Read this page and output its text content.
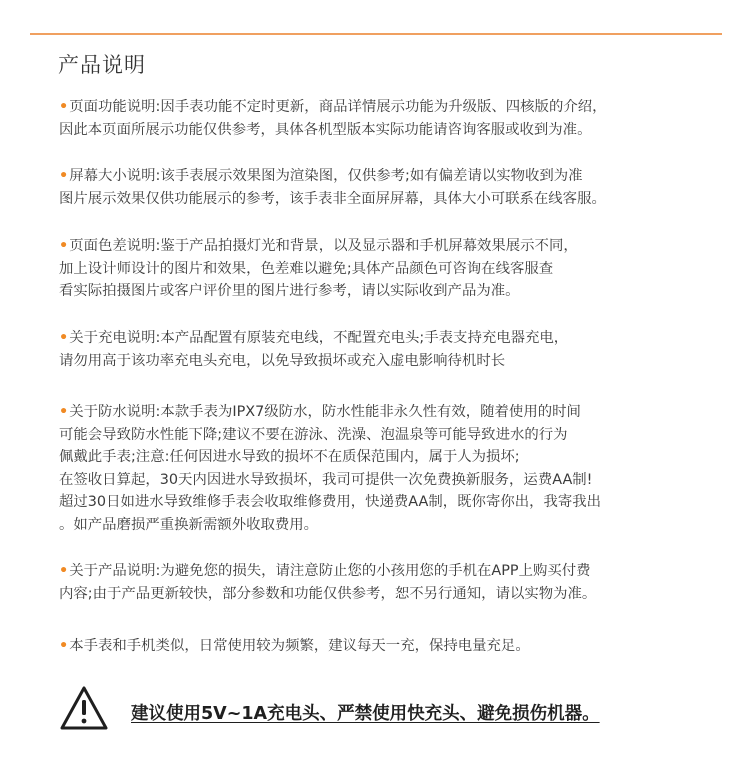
产品说明
•页面功能说明:因手表功能不定时更新，商品详情展示功能为升级版、四核版的介绍，
因此本页面所展示功能仅供参考，具体各机型版本实际功能请咨询客服或收到为准。
•屏幕大小说明:该手表展示效果图为渲染图，仅供参考;如有偏差请以实物收到为准
图片展示效果仅供功能展示的参考，该手表非全面屏屏幕，具体大小可联系在线客服。
•页面色差说明:鉴于产品拍摄灯光和背景，以及显示器和手机屏幕效果展示不同，
加上设计师设计的图片和效果，色差难以避免;具体产品颜色可咨询在线客服查
看实际拍摄图片或客户评价里的图片进行参考，请以实际收到产品为准。
•关于充电说明:本产品配置有原装充电线，不配置充电头;手表支持充电器充电，
请勿用高于该功率充电头充电，以免导致损坏或充入虚电影响待机时长
•关于防水说明:本款手表为IPX7级防水，防水性能非永久性有效，随着使用的时间
可能会导致防水性能下降;建议不要在游泳、洗澡、泡温泉等可能导致进水的行为
佩戴此手表;注意:任何因进水导致的损坏不在质保范围内，属于人为损坏;
在签收日算起，30天内因进水导致损坏，我司可提供一次免费换新服务，运费AA制!
超过30日如进水导致维修手表会收取维修费用，快递费AA制，既你寄你出，我寄我出
。如产品磨损严重换新需额外收取费用。
•关于产品说明:为避免您的损失，请注意防止您的小孩用您的手机在APP上购买付费
内容;由于产品更新较快，部分参数和功能仅供参考，恕不另行通知，请以实物为准。
•本手表和手机类似，日常使用较为频繁，建议每天一充，保持电量充足。
建议使用5V~1A充电头、严禁使用快充头、避免损伤机器。
